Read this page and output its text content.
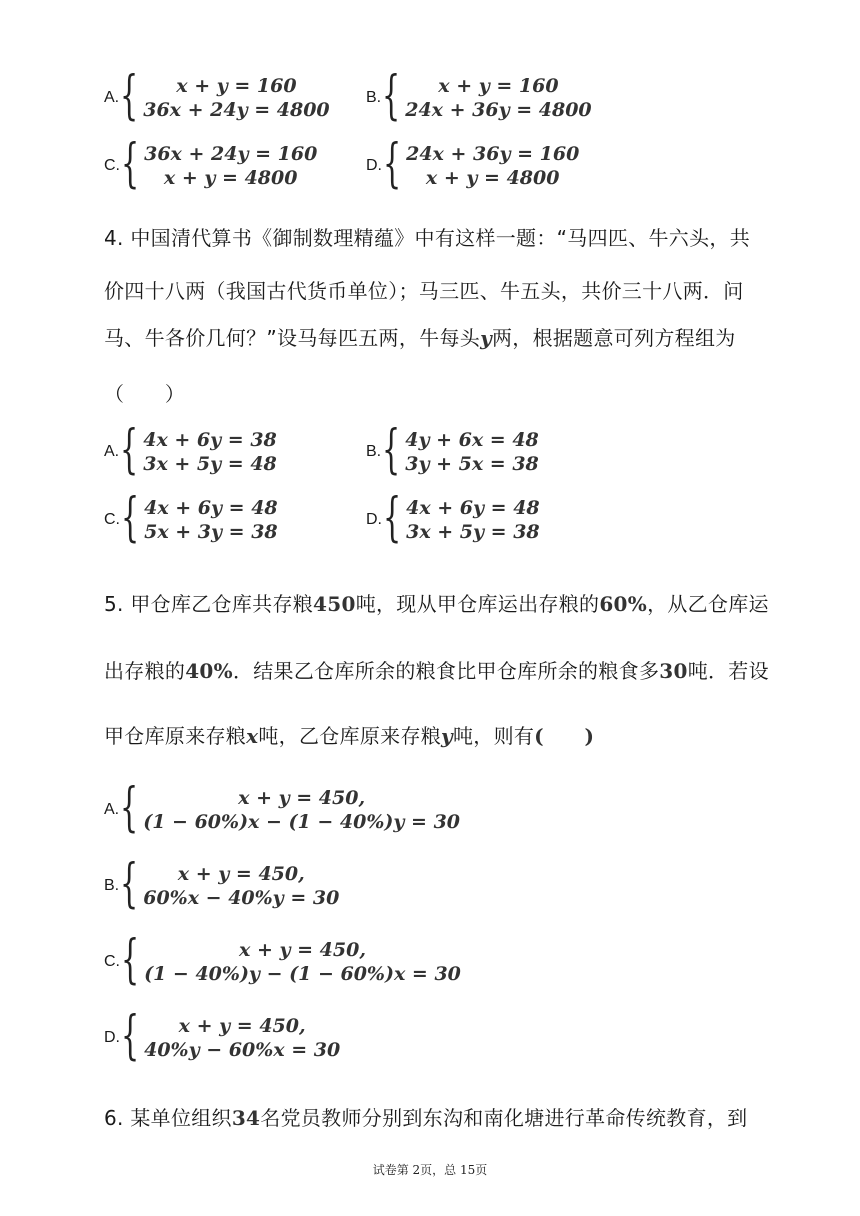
A. { x + y = 160
36x + 24y = 4800
B. { x + y = 160
24x + 36y = 4800
C. { 36x + 24y = 160
x + y = 4800
D. { 24x + 36y = 160
x + y = 4800
4. 中国清代算书《御制数理精蕴》中有这样一题：“马四匹、牛六头，共
价四十八两（我国古代货币单位）；马三匹、牛五头，共价三十八两．问
马、牛各价几何？”设马每匹五两，牛每头y两，根据题意可列方程组为
（　　）
A. { 4x + 6y = 38
3x + 5y = 48
B. { 4y + 6x = 48
3y + 5x = 38
C. { 4x + 6y = 48
5x + 3y = 38
D. { 4x + 6y = 48
3x + 5y = 38
5. 甲仓库乙仓库共存粮450吨，现从甲仓库运出存粮的60%，从乙仓库运
出存粮的40%．结果乙仓库所余的粮食比甲仓库所余的粮食多30吨．若设
甲仓库原来存粮x吨，乙仓库原来存粮y吨，则有(　　)
A. {	x + y = 450,
(1 − 60%)x − (1 − 40%)y = 30
B. { x + y = 450,
60%x − 40%y = 30
C. {	x + y = 450,
(1 − 40%)y − (1 − 60%)x = 30
D. { x + y = 450,
40%y − 60%x = 30
6. 某单位组织34名党员教师分别到东沟和南化塘进行革命传统教育，到
试卷第 2页，总 15页
